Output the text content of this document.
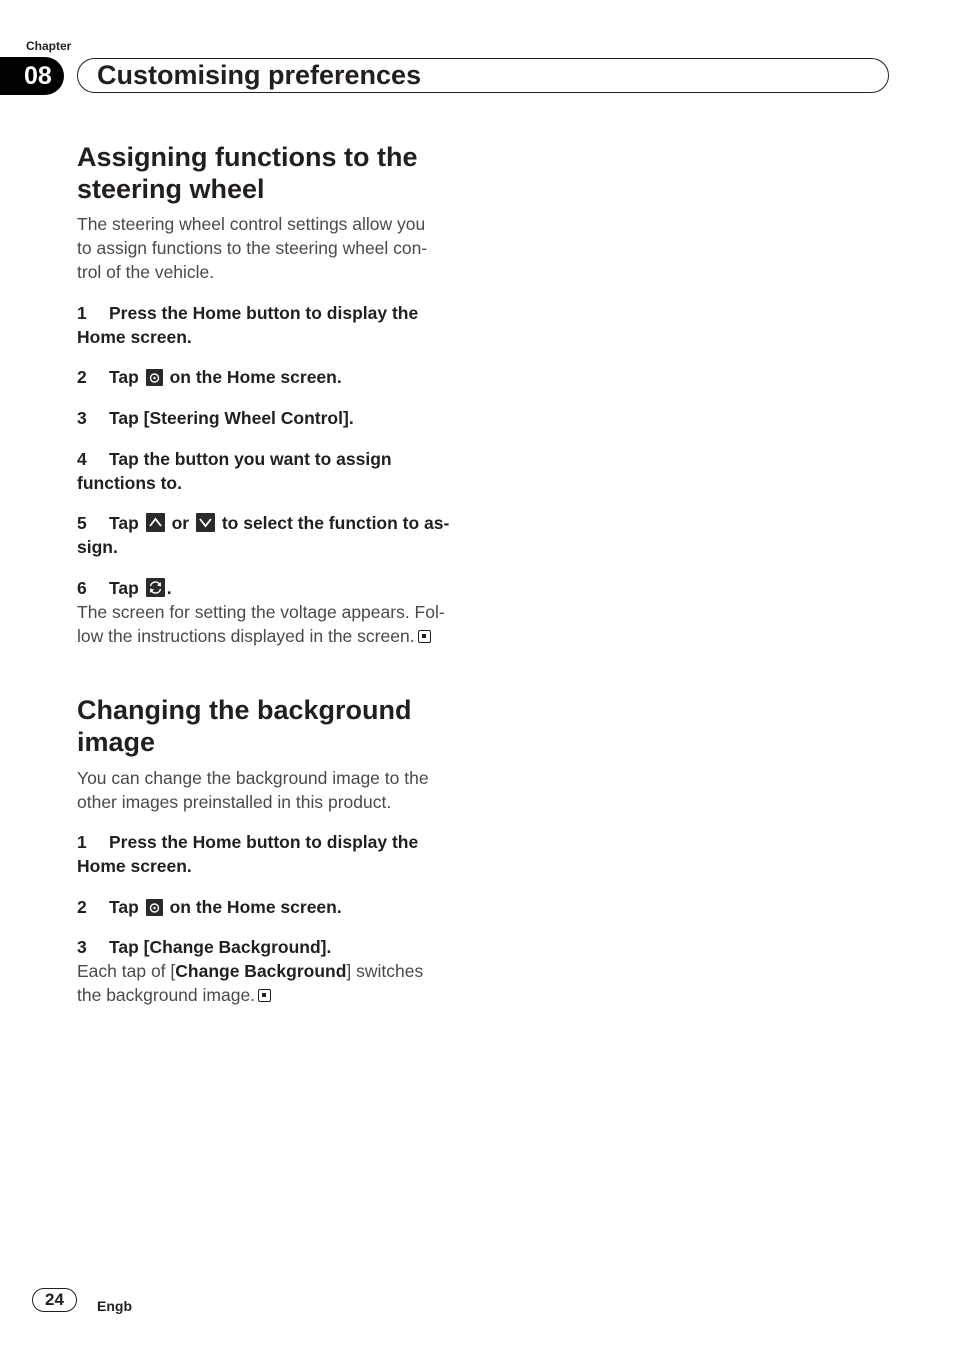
Chapter
08	Customising preferences
Assigning functions to the
steering wheel

The steering wheel control settings allow you
to assign functions to the steering wheel con-
trol of the vehicle.

1 Press the Home button to display the
Home screen.

2 Tap on the Home screen.

3 Tap [Steering Wheel Control].

4 Tap the button you want to assign
functions to.

5 Tap or to select the function to as-
sign.

6 Tap .

The screen for setting the voltage appears. Fol-
low the instructions displayed in the screen.

Changing the background
image

You can change the background image to the
other images preinstalled in this product.

1 Press the Home button to display the
Home screen.

2 Tap on the Home screen.

3 Tap [Change Background].

Each tap of [Change Background] switches
the background image.

24	Engb
